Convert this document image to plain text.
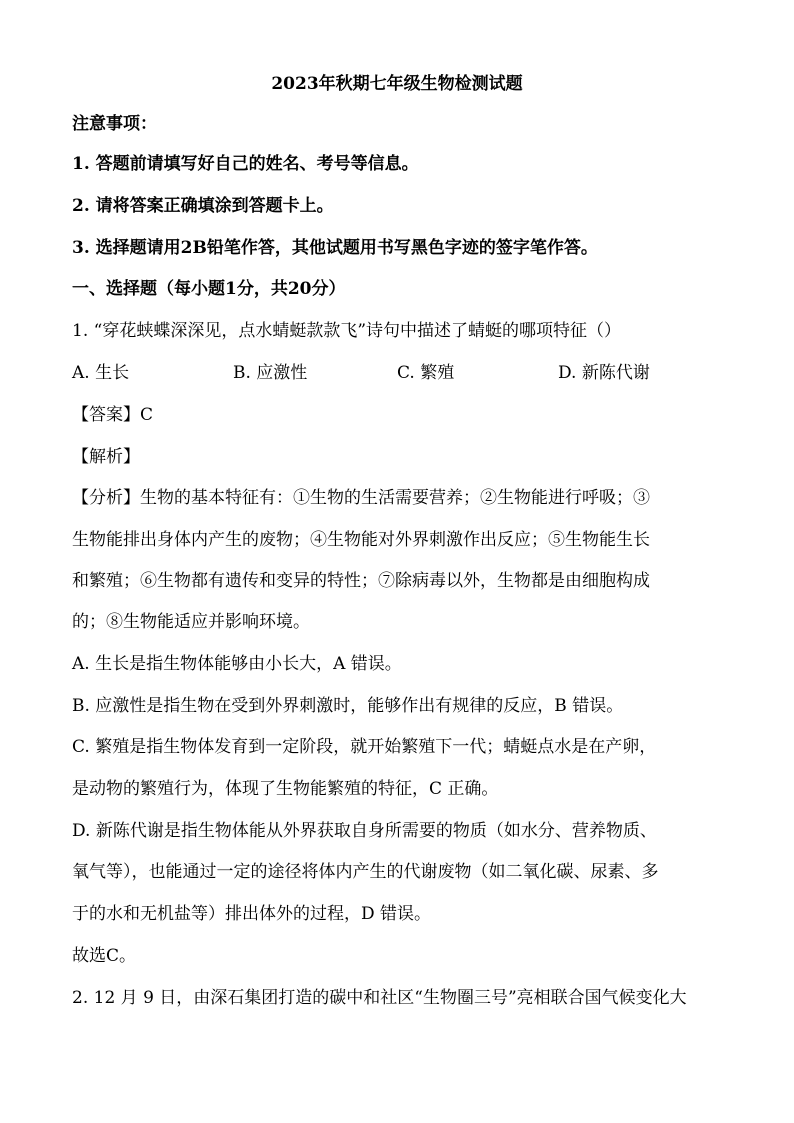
2023年秋期七年级生物检测试题
注意事项：
1. 答题前请填写好自己的姓名、考号等信息。
2. 请将答案正确填涂到答题卡上。
3. 选择题请用2B铅笔作答，其他试题用书写黑色字迹的签字笔作答。
一、选择题（每小题1分，共20分）
1. “穿花蛱蝶深深见，点水蜻蜓款款飞”诗句中描述了蜻蜓的哪项特征（）
A. 生长	B. 应激性	C. 繁殖	D. 新陈代谢
【答案】C
【解析】
【分析】生物的基本特征有：①生物的生活需要营养；②生物能进行呼吸；③
生物能排出身体内产生的废物；④生物能对外界刺激作出反应；⑤生物能生长
和繁殖；⑥生物都有遗传和变异的特性；⑦除病毒以外，生物都是由细胞构成
的；⑧生物能适应并影响环境。
A. 生长是指生物体能够由小长大，A 错误。
B. 应激性是指生物在受到外界刺激时，能够作出有规律的反应，B 错误。
C. 繁殖是指生物体发育到一定阶段，就开始繁殖下一代；蜻蜓点水是在产卵，
是动物的繁殖行为，体现了生物能繁殖的特征，C 正确。
D. 新陈代谢是指生物体能从外界获取自身所需要的物质（如水分、营养物质、
氧气等），也能通过一定的途径将体内产生的代谢废物（如二氧化碳、尿素、多
于的水和无机盐等）排出体外的过程，D 错误。
故选C。
2. 12 月 9 日，由深石集团打造的碳中和社区“生物圈三号”亮相联合国气候变化大
